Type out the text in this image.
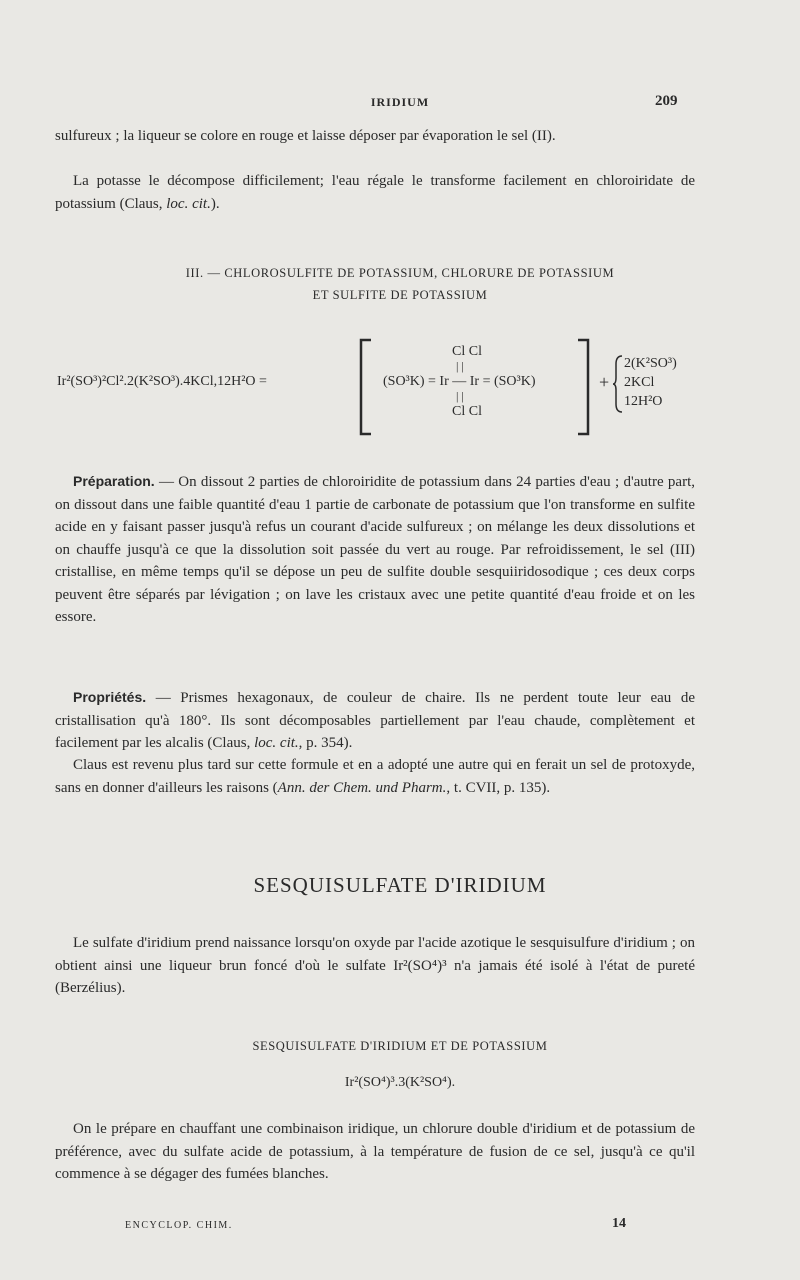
IRIDIUM	209

sulfureux ; la liqueur se colore en rouge et laisse déposer par évaporation le sel (II).

La potasse le décompose difficilement; l'eau régale le transforme facilement en chloroiridate de potassium (Claus, loc. cit.).

III. — CHLOROSULFITE DE POTASSIUM, CHLORURE DE POTASSIUM

ET SULFITE DE POTASSIUM

Ir²(SO³)²Cl².2(K²SO³).4KCl,12H²O =
Cl Cl
| |
(SO³K) = Ir — Ir = (SO³K)
| |
Cl Cl
+
2(K²SO³)
2KCl
12H²O

Préparation. — On dissout 2 parties de chloroiridite de potassium dans 24 parties d'eau ; d'autre part, on dissout dans une faible quantité d'eau 1 partie de carbonate de potassium que l'on transforme en sulfite acide en y faisant passer jusqu'à refus un courant d'acide sulfureux ; on mélange les deux dissolutions et on chauffe jusqu'à ce que la dissolution soit passée du vert au rouge. Par refroidissement, le sel (III) cristallise, en même temps qu'il se dépose un peu de sulfite double sesquiiridosodique ; ces deux corps peuvent être séparés par lévigation ; on lave les cristaux avec une petite quantité d'eau froide et on les essore.

Propriétés. — Prismes hexagonaux, de couleur de chaire. Ils ne perdent toute leur eau de cristallisation qu'à 180°. Ils sont décomposables partiellement par l'eau chaude, complètement et facilement par les alcalis (Claus, loc. cit., p. 354).

Claus est revenu plus tard sur cette formule et en a adopté une autre qui en ferait un sel de protoxyde, sans en donner d'ailleurs les raisons (Ann. der Chem. und Pharm., t. CVII, p. 135).

SESQUISULFATE D'IRIDIUM

Le sulfate d'iridium prend naissance lorsqu'on oxyde par l'acide azotique le sesquisulfure d'iridium ; on obtient ainsi une liqueur brun foncé d'où le sulfate Ir²(SO⁴)³ n'a jamais été isolé à l'état de pureté (Berzélius).

SESQUISULFATE D'IRIDIUM ET DE POTASSIUM

Ir²(SO⁴)³.3(K²SO⁴).

On le prépare en chauffant une combinaison iridique, un chlorure double d'iridium et de potassium de préférence, avec du sulfate acide de potassium, à la température de fusion de ce sel, jusqu'à ce qu'il commence à se dégager des fumées blanches.

ENCYCLOP. CHIM.	14
